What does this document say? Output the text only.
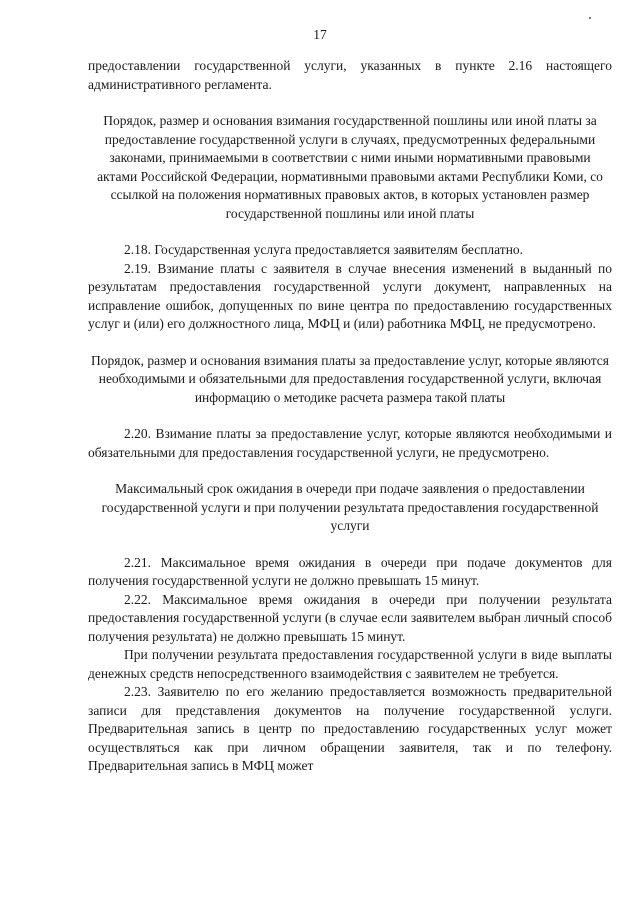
17

предоставлении государственной услуги, указанных в пункте 2.16 настоящего административного регламента.

Порядок, размер и основания взимания государственной пошлины или иной платы за предоставление государственной услуги в случаях, предусмотренных федеральными законами, принимаемыми в соответствии с ними иными нормативными правовыми актами Российской Федерации, нормативными правовыми актами Республики Коми, со ссылкой на положения нормативных правовых актов, в которых установлен размер государственной пошлины или иной платы

2.18. Государственная услуга предоставляется заявителям бесплатно.

2.19. Взимание платы с заявителя в случае внесения изменений в выданный по результатам предоставления государственной услуги документ, направленных на исправление ошибок, допущенных по вине центра по предоставлению государственных услуг и (или) его должностного лица, МФЦ и (или) работника МФЦ, не предусмотрено.

Порядок, размер и основания взимания платы за предоставление услуг, которые являются необходимыми и обязательными для предоставления государственной услуги, включая информацию о методике расчета размера такой платы

2.20. Взимание платы за предоставление услуг, которые являются необходимыми и обязательными для предоставления государственной услуги, не предусмотрено.

Максимальный срок ожидания в очереди при подаче заявления о предоставлении государственной услуги и при получении результата предоставления государственной услуги

2.21. Максимальное время ожидания в очереди при подаче документов для получения государственной услуги не должно превышать 15 минут.

2.22. Максимальное время ожидания в очереди при получении результата предоставления государственной услуги (в случае если заявителем выбран личный способ получения результата) не должно превышать 15 минут.

При получении результата предоставления государственной услуги в виде выплаты денежных средств непосредственного взаимодействия с заявителем не требуется.

2.23. Заявителю по его желанию предоставляется возможность предварительной записи для представления документов на получение государственной услуги. Предварительная запись в центр по предоставлению государственных услуг может осуществляться как при личном обращении заявителя, так и по телефону. Предварительная запись в МФЦ может
